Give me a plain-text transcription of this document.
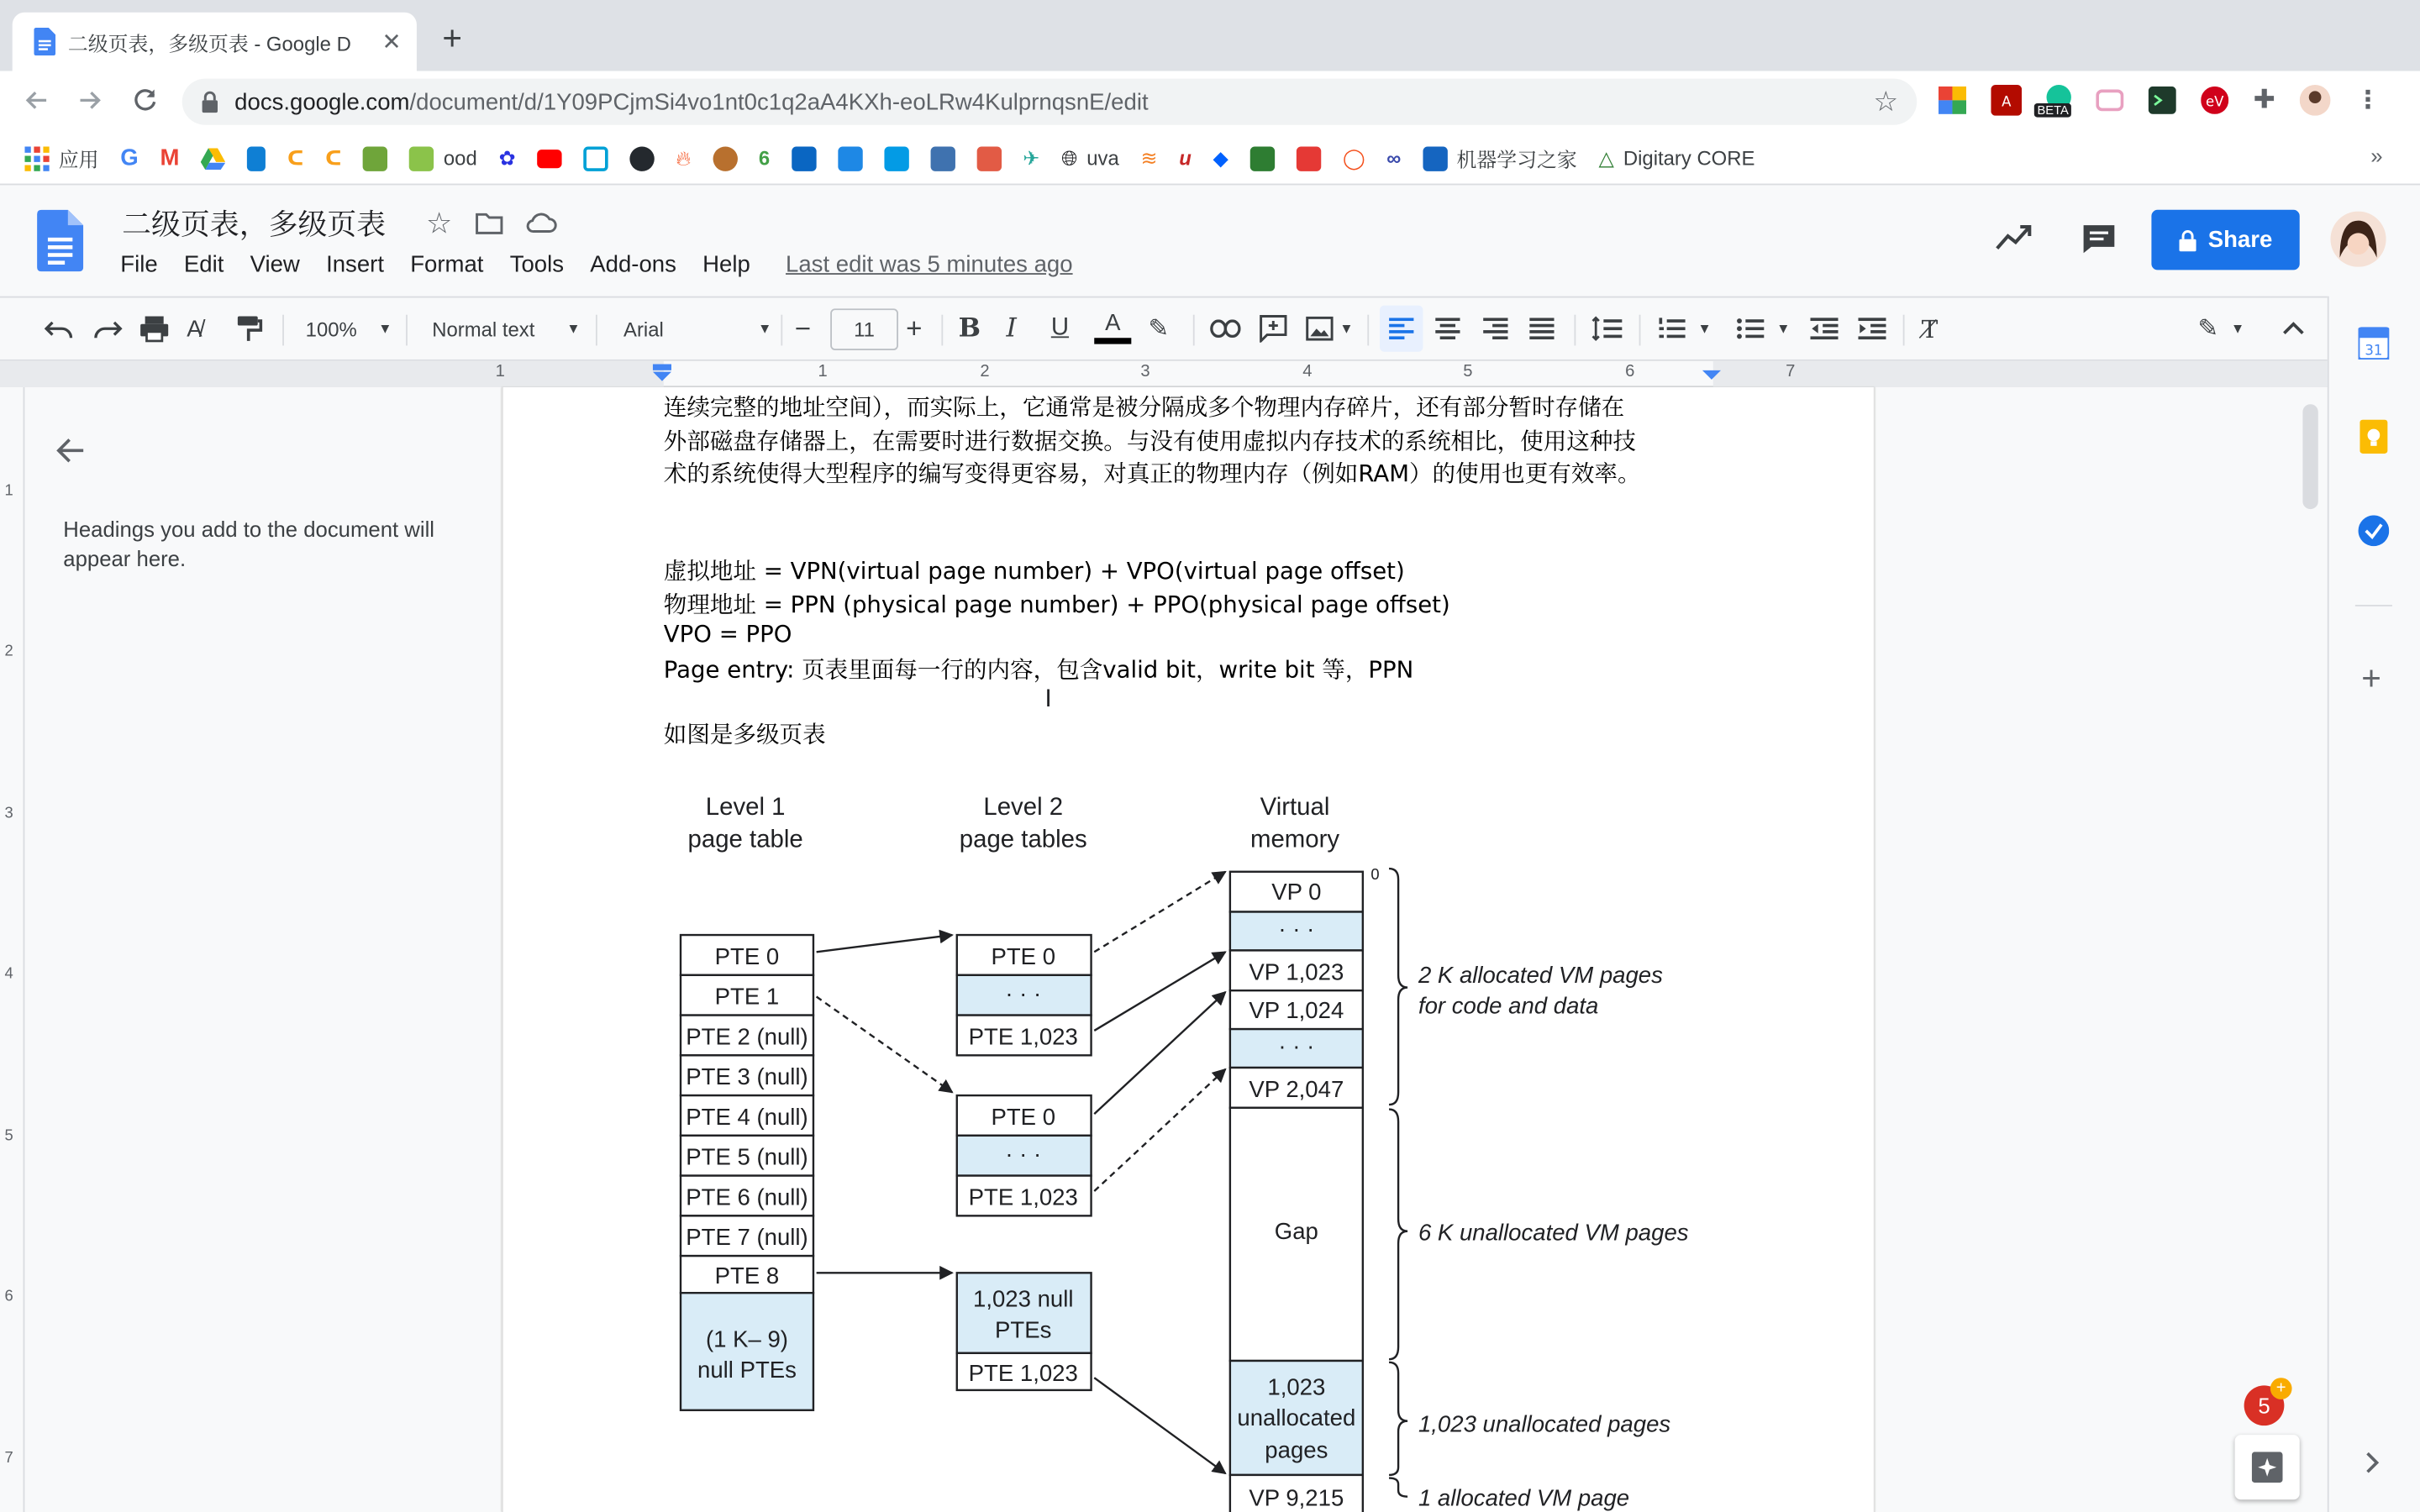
二级页表，多级页表 - Google D	✕	+
docs.google.com/document/d/1Y09PCjmSi4vo1nt0c1q2aA4KXh-eoLRw4KulprnqsnE/edit	☆	A
BETA
eV ✚	⋮
应用 G M	ᑕ ᑕ	ood ✿	🔥︎	6	✈ 🌐︎ uva ≋ u ◆	◯ ∞	机器学习之家 △ Digitary CORE	»
二级页表，多级页表	☆
File Edit View Insert Format Tools Add-ons Help	Last edit was 5 minutes ago
Share
A̸	100%	▼	Normal text	▼	Arial	▼ −	11 +	B I	U	A ✎	▼	▼	▼	T̸	✎ ▼
1	1	2	3	4	5	6	7
1
2
3
4
5
6
7
Headings you add to the document will appear here.
连续完整的地址空间），而实际上，它通常是被分隔成多个物理内存碎片，还有部分暂时存储在
外部磁盘存储器上，在需要时进行数据交换。与没有使用虚拟内存技术的系统相比，使用这种技
术的系统使得大型程序的编写变得更容易，对真正的物理内存（例如RAM）的使用也更有效率。
虚拟地址 = VPN(virtual page number) + VPO(virtual page offset)
物理地址 = PPN (physical page number) + PPO(physical page offset)
VPO = PPO
Page entry: 页表里面每一行的内容，包含valid bit，write bit 等，PPN
如图是多级页表
I
Level 1
page table
Level 2
page tables
Virtual
memory
PTE 0
PTE 1
PTE 2 (null)
PTE 3 (null)
PTE 4 (null)
PTE 5 (null)
PTE 6 (null)
PTE 7 (null)
PTE 8
(1 K– 9)
null PTEs
PTE 0
· · ·
PTE 1,023
PTE 0
· · ·
PTE 1,023
1,023 null
PTEs
PTE 1,023
VP 0
· · ·
VP 1,023
VP 1,024
· · ·
VP 2,047
Gap
1,023
unallocated
pages
VP 9,215
0
2 K allocated VM pages
for code and data
6 K unallocated VM pages
1,023 unallocated pages
1 allocated VM page
31
+
5
+
